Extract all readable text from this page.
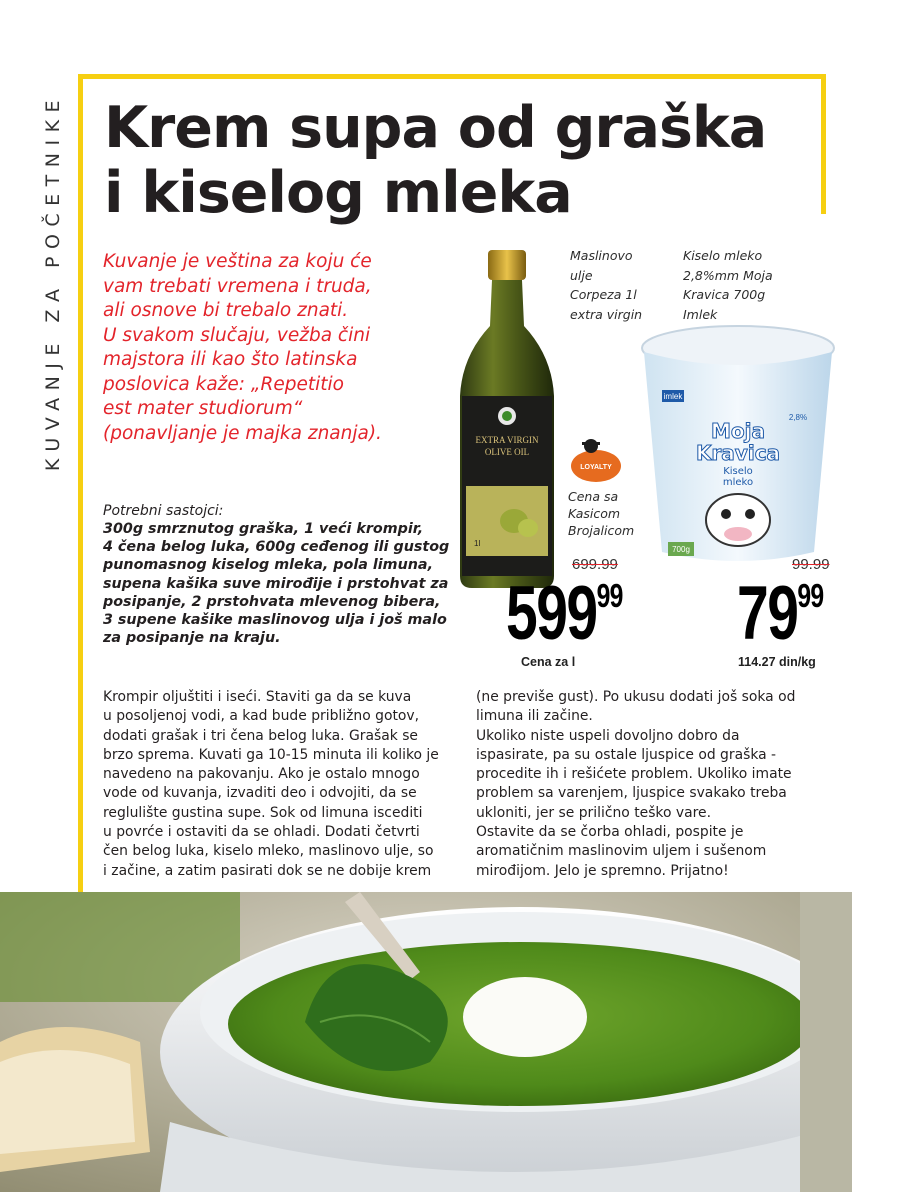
KUVANJE ZA POČETNIKE Krem supa od graška
i kiselog mleka

Kuvanje je veština za koju će
vam trebati vremena i truda,
ali osnove bi trebalo znati.
U svakom slučaju, vežba čini
majstora ili kao što latinska
poslovica kaže: „Repetitio
est mater studiorum“
(ponavljanje je majka znanja).

Potrebni sastojci:

300g smrznutog graška, 1 veći krompir,
4 čena belog luka, 600g ceđenog ili gustog
punomasnog kiselog mleka, pola limuna,
supena kašika suve mirođije i prstohvat za
posipanje, 2 prstohvata mlevenog bibera,
3 supene kašike maslinovog ulja i još malo
za posipanje na kraju.

EXTRA VIRGIN
OLIVE OIL
1l

Maslinovo
ulje
Corpeza 1l
extra virgin

LOYALTY

Cena sa
Kasicom
Brojalicom

699.99
59999
Cena za l

Kiselo mleko
2,8%mm Moja
Kravica 700g
Imlek

imlek
Moja
Kravica
Kiselo
mleko
700g
2,8%
99.99
7999
114.27 din/kg

Krompir oljuštiti i iseći. Staviti ga da se kuva
u posoljenoj vodi, a kad bude približno gotov,
dodati grašak i tri čena belog luka. Grašak se
brzo sprema. Kuvati ga 10-15 minuta ili koliko je
navedeno na pakovanju. Ako je ostalo mnogo
vode od kuvanja, izvaditi deo i odvojiti, da se
reglulište gustina supe. Sok od limuna iscediti
u povrće i ostaviti da se ohladi. Dodati četvrti
čen belog luka, kiselo mleko, maslinovo ulje, so
i začine, a zatim pasirati dok se ne dobije krem

(ne previše gust). Po ukusu dodati još soka od
limuna ili začine.
Ukoliko niste uspeli dovoljno dobro da
ispasirate, pa su ostale ljuspice od graška -
procedite ih i rešićete problem. Ukoliko imate
problem sa varenjem, ljuspice svakako treba
ukloniti, jer se prilično teško vare.
Ostavite da se čorba ohladi, pospite je
aromatičnim maslinovim uljem i sušenom
mirođijom. Jelo je spremno. Prijatno!
